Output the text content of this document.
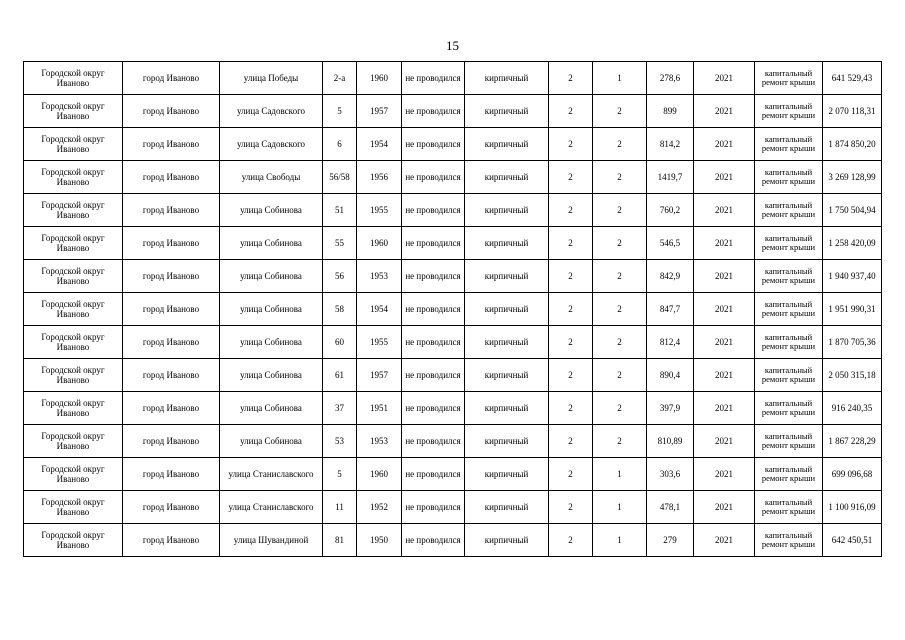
15
Городской округ Иваново	город Иваново	улица Победы	2-а	1960	не проводился	кирпичный	2	1	278,6	2021	капитальный ремонт крыши	641 529,43
Городской округ Иваново	город Иваново	улица Садовского	5	1957	не проводился	кирпичный	2	2	899	2021	капитальный ремонт крыши	2 070 118,31
Городской округ Иваново	город Иваново	улица Садовского	6	1954	не проводился	кирпичный	2	2	814,2	2021	капитальный ремонт крыши	1 874 850,20
Городской округ Иваново	город Иваново	улица Свободы	56/58	1956	не проводился	кирпичный	2	2	1419,7	2021	капитальный ремонт крыши	3 269 128,99
Городской округ Иваново	город Иваново	улица Собинова	51	1955	не проводился	кирпичный	2	2	760,2	2021	капитальный ремонт крыши	1 750 504,94
Городской округ Иваново	город Иваново	улица Собинова	55	1960	не проводился	кирпичный	2	2	546,5	2021	капитальный ремонт крыши	1 258 420,09
Городской округ Иваново	город Иваново	улица Собинова	56	1953	не проводился	кирпичный	2	2	842,9	2021	капитальный ремонт крыши	1 940 937,40
Городской округ Иваново	город Иваново	улица Собинова	58	1954	не проводился	кирпичный	2	2	847,7	2021	капитальный ремонт крыши	1 951 990,31
Городской округ Иваново	город Иваново	улица Собинова	60	1955	не проводился	кирпичный	2	2	812,4	2021	капитальный ремонт крыши	1 870 705,36
Городской округ Иваново	город Иваново	улица Собинова	61	1957	не проводился	кирпичный	2	2	890,4	2021	капитальный ремонт крыши	2 050 315,18
Городской округ Иваново	город Иваново	улица Собинова	37	1951	не проводился	кирпичный	2	2	397,9	2021	капитальный ремонт крыши	916 240,35
Городской округ Иваново	город Иваново	улица Собинова	53	1953	не проводился	кирпичный	2	2	810,89	2021	капитальный ремонт крыши	1 867 228,29
Городской округ Иваново	город Иваново	улица Станиславского	5	1960	не проводился	кирпичный	2	1	303,6	2021	капитальный ремонт крыши	699 096,68
Городской округ Иваново	город Иваново	улица Станиславского	11	1952	не проводился	кирпичный	2	1	478,1	2021	капитальный ремонт крыши	1 100 916,09
Городской округ Иваново	город Иваново	улица Шувандиной	81	1950	не проводился	кирпичный	2	1	279	2021	капитальный ремонт крыши	642 450,51
